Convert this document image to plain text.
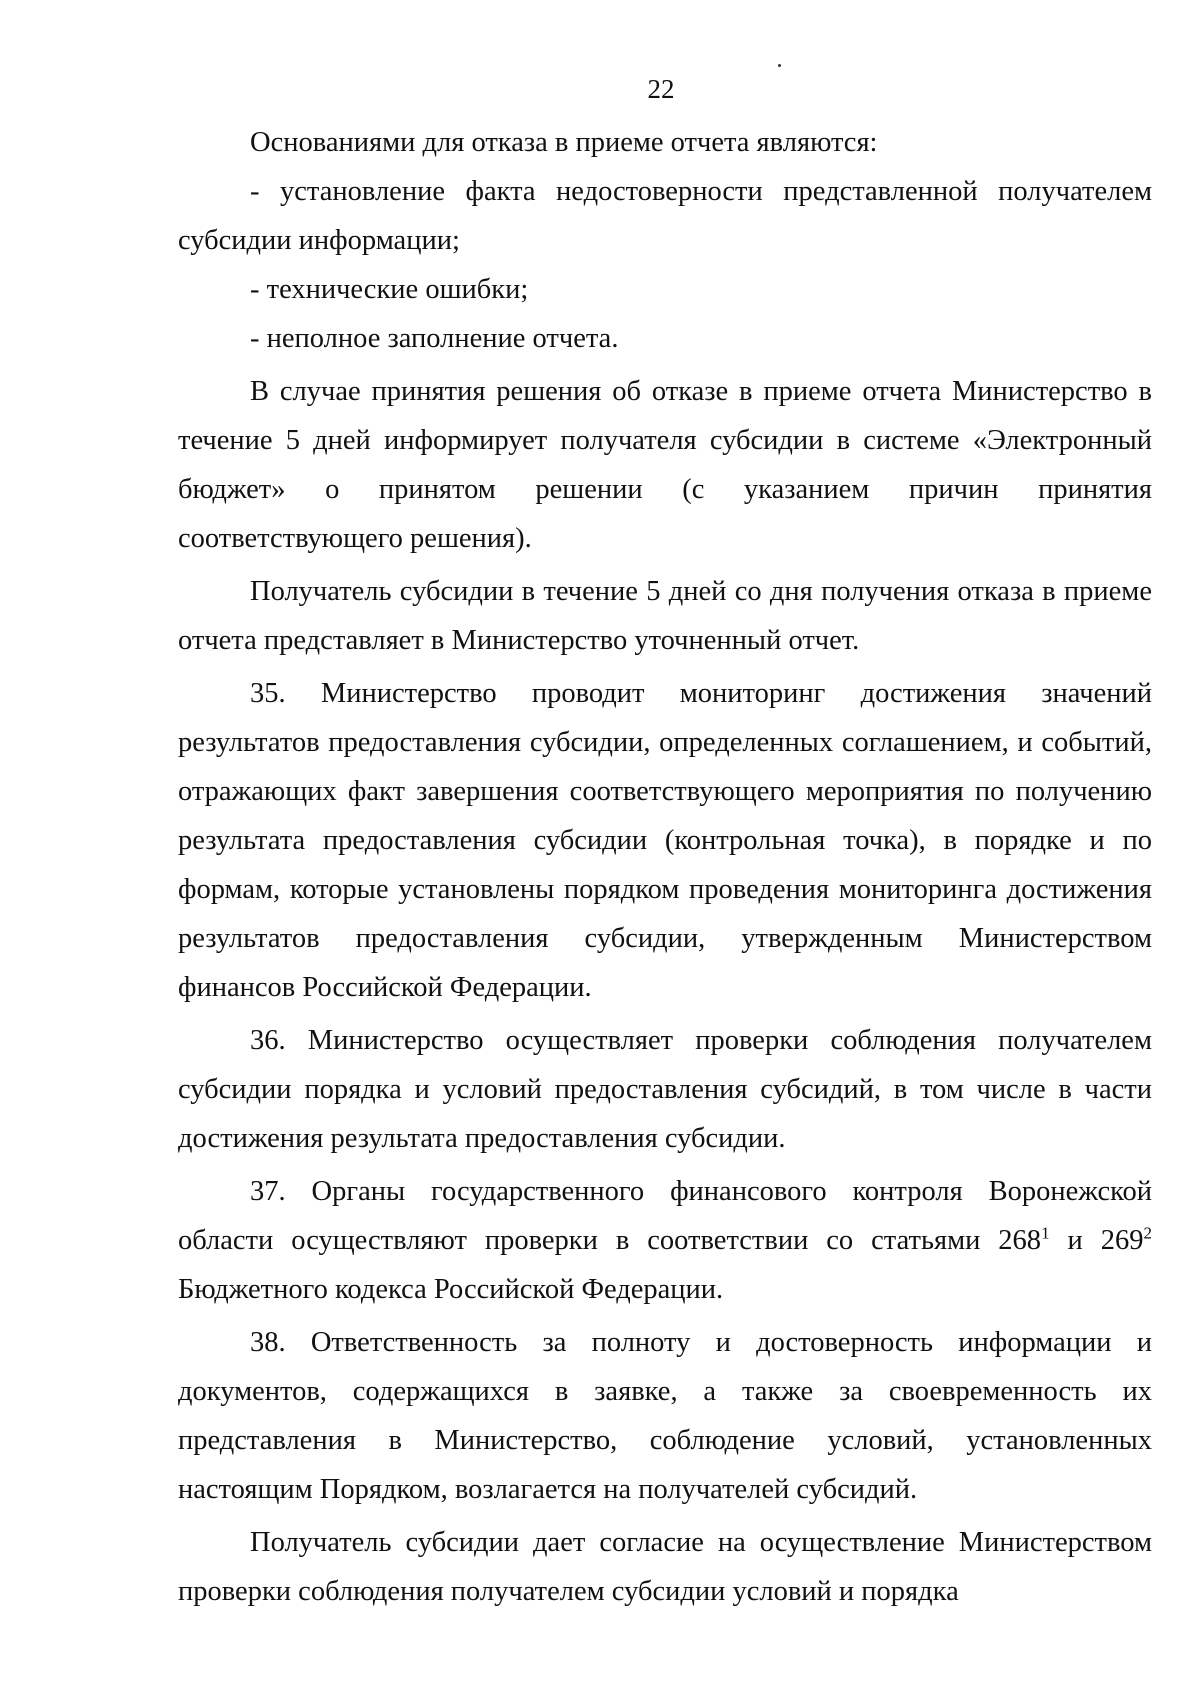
22

Основаниями для отказа в приеме отчета являются:

- установление факта недостоверности представленной получателем субсидии информации;

- технические ошибки;

- неполное заполнение отчета.

В случае принятия решения об отказе в приеме отчета Министерство в течение 5 дней информирует получателя субсидии в системе «Электронный бюджет» о принятом решении (с указанием причин принятия соответствующего решения).

Получатель субсидии в течение 5 дней со дня получения отказа в приеме отчета представляет в Министерство уточненный отчет.

35. Министерство проводит мониторинг достижения значений результатов предоставления субсидии, определенных соглашением, и событий, отражающих факт завершения соответствующего мероприятия по получению результата предоставления субсидии (контрольная точка), в порядке и по формам, которые установлены порядком проведения мониторинга достижения результатов предоставления субсидии, утвержденным Министерством финансов Российской Федерации.

36. Министерство осуществляет проверки соблюдения получателем субсидии порядка и условий предоставления субсидий, в том числе в части достижения результата предоставления субсидии.

37. Органы государственного финансового контроля Воронежской области осуществляют проверки в соответствии со статьями $268^1$ и $269^2$ Бюджетного кодекса Российской Федерации.

38. Ответственность за полноту и достоверность информации и документов, содержащихся в заявке, а также за своевременность их представления в Министерство, соблюдение условий, установленных настоящим Порядком, возлагается на получателей субсидий.

Получатель субсидии дает согласие на осуществление Министерством проверки соблюдения получателем субсидии условий и порядка
